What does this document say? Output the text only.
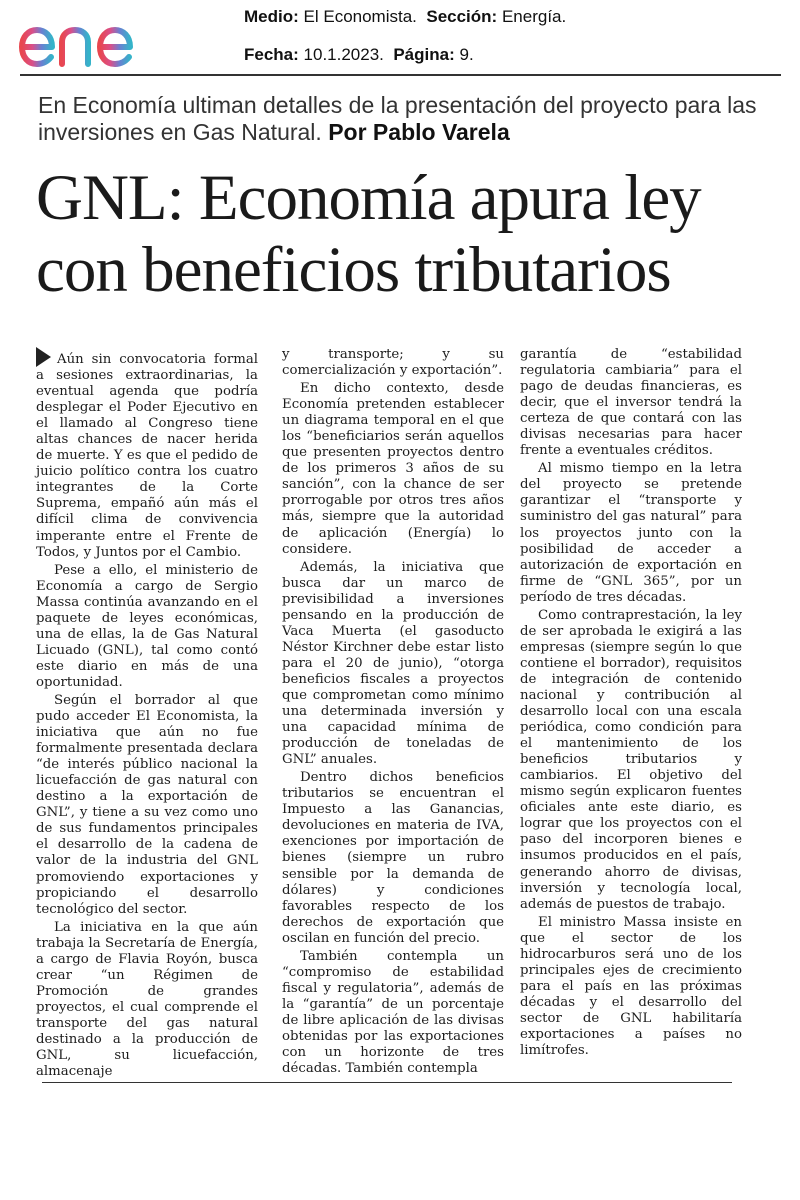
Medio: El Economista. Sección: Energía.
Fecha: 10.1.2023. Página: 9.
En Economía ultiman detalles de la presentación del proyecto para las inversiones en Gas Natural. Por Pablo Varela
GNL: Economía apura ley con beneficios tributarios

Aún sin convocatoria formal a sesiones extraordinarias, la eventual agenda que podría desplegar el Poder Ejecutivo en el llamado al Congreso tiene altas chances de nacer herida de muerte. Y es que el pedido de juicio político contra los cuatro integrantes de la Corte Suprema, empañó aún más el difícil clima de convivencia imperante entre el Frente de Todos, y Juntos por el Cambio.

Pese a ello, el ministerio de Economía a cargo de Sergio Massa continúa avanzando en el paquete de leyes económicas, una de ellas, la de Gas Natural Licuado (GNL), tal como contó este diario en más de una oportunidad.

Según el borrador al que pudo acceder El Economista, la iniciativa que aún no fue formalmente presentada declara “de interés público nacional la licuefacción de gas natural con destino a la exportación de GNL”, y tiene a su vez como uno de sus fundamentos principales el desarrollo de la cadena de valor de la industria del GNL promoviendo exportaciones y propiciando el desarrollo tecnológico del sector.

La iniciativa en la que aún trabaja la Secretaría de Energía, a cargo de Flavia Royón, busca crear “un Régimen de Promoción de grandes proyectos, el cual comprende el transporte del gas natural destinado a la producción de GNL, su licuefacción, almacenaje

y transporte; y su comercialización y exportación”.

En dicho contexto, desde Economía pretenden establecer un diagrama temporal en el que los “beneficiarios serán aquellos que presenten proyectos dentro de los primeros 3 años de su sanción”, con la chance de ser prorrogable por otros tres años más, siempre que la autoridad de aplicación (Energía) lo considere.

Además, la iniciativa que busca dar un marco de previsibilidad a inversiones pensando en la producción de Vaca Muerta (el gasoducto Néstor Kirchner debe estar listo para el 20 de junio), “otorga beneficios fiscales a proyectos que comprometan como mínimo una determinada inversión y una capacidad mínima de producción de toneladas de GNL” anuales.

Dentro dichos beneficios tributarios se encuentran el Impuesto a las Ganancias, devoluciones en materia de IVA, exenciones por importación de bienes (siempre un rubro sensible por la demanda de dólares) y condiciones favorables respecto de los derechos de exportación que oscilan en función del precio.

También contempla un “compromiso de estabilidad fiscal y regulatoria”, además de la “garantía” de un porcentaje de libre aplicación de las divisas obtenidas por las exportaciones con un horizonte de tres décadas. También contempla

garantía de “estabilidad regulatoria cambiaria” para el pago de deudas financieras, es decir, que el inversor tendrá la certeza de que contará con las divisas necesarias para hacer frente a eventuales créditos.

Al mismo tiempo en la letra del proyecto se pretende garantizar el “transporte y suministro del gas natural” para los proyectos junto con la posibilidad de acceder a autorización de exportación en firme de “GNL 365”, por un período de tres décadas.

Como contraprestación, la ley de ser aprobada le exigirá a las empresas (siempre según lo que contiene el borrador), requisitos de integración de contenido nacional y contribución al desarrollo local con una escala periódica, como condición para el mantenimiento de los beneficios tributarios y cambiarios. El objetivo del mismo según explicaron fuentes oficiales ante este diario, es lograr que los proyectos con el paso del incorporen bienes e insumos producidos en el país, generando ahorro de divisas, inversión y tecnología local, además de puestos de trabajo.

El ministro Massa insiste en que el sector de los hidrocarburos será uno de los principales ejes de crecimiento para el país en las próximas décadas y el desarrollo del sector de GNL habilitaría exportaciones a países no limítrofes.
